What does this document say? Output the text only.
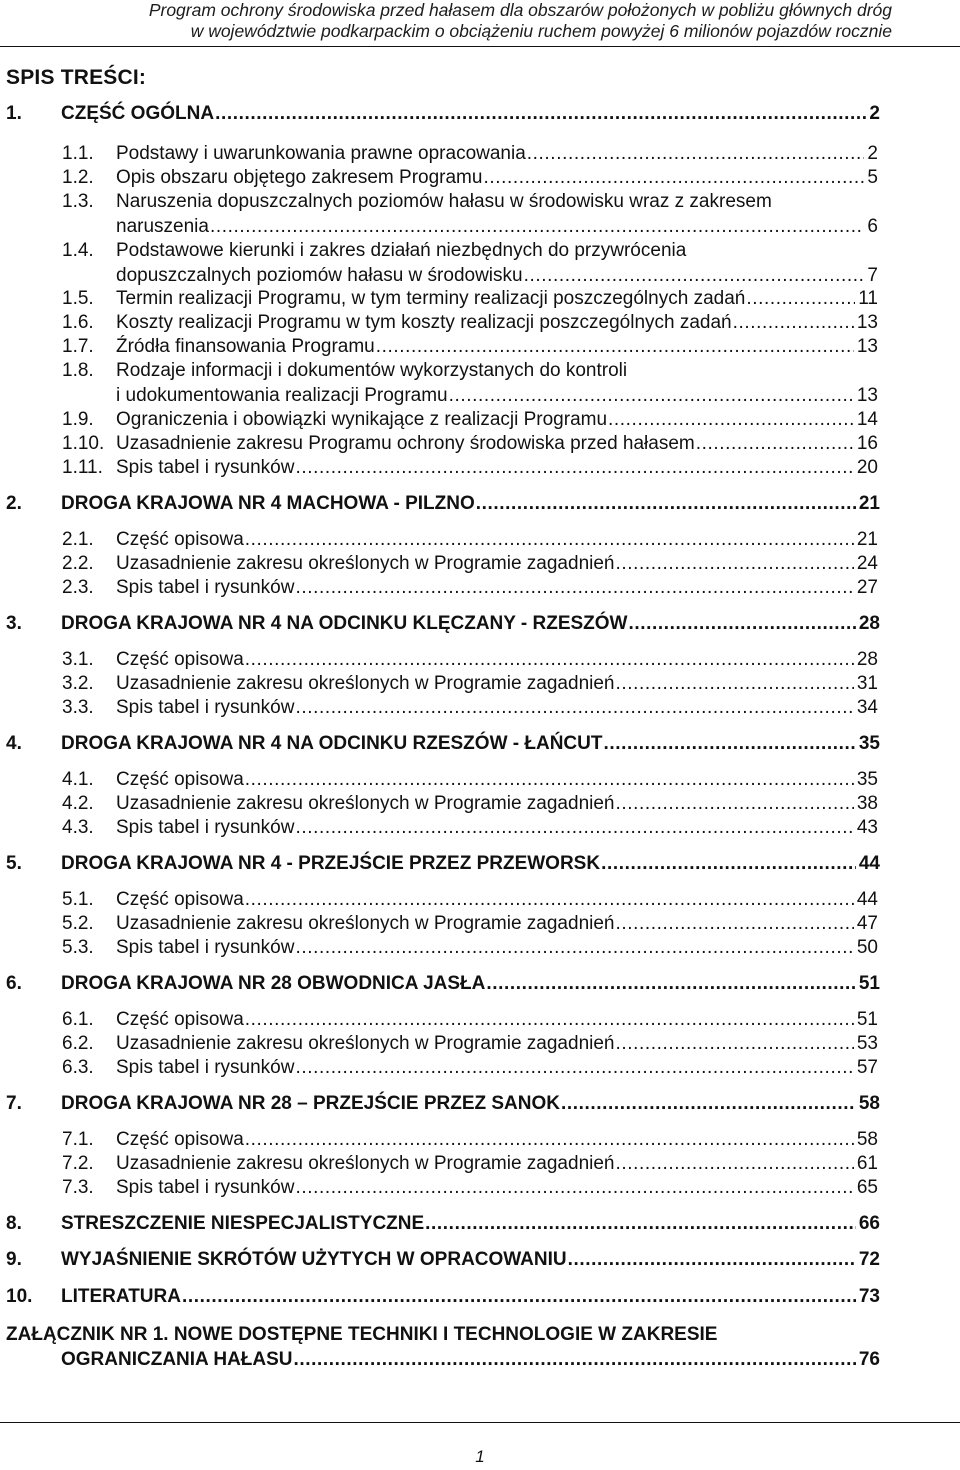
Program ochrony środowiska przed hałasem dla obszarów położonych w pobliżu głównych dróg
w województwie podkarpackim o obciążeniu ruchem powyżej 6 milionów pojazdów rocznie
SPIS TREŚCI:
1. CZĘŚĆ OGÓLNA .....	2
1.1. Podstawy i uwarunkowania prawne opracowania .....	2
1.2. Opis obszaru objętego zakresem Programu .....	5
1.3. Naruszenia dopuszczalnych poziomów hałasu w środowisku wraz z zakresem
naruszenia .....	6
1.4. Podstawowe kierunki i zakres działań niezbędnych do przywrócenia
dopuszczalnych poziomów hałasu w środowisku .....	7
1.5. Termin realizacji Programu, w tym terminy realizacji poszczególnych zadań .....	11
1.6. Koszty realizacji Programu w tym koszty realizacji poszczególnych zadań .....	13
1.7. Źródła finansowania Programu .....	13
1.8. Rodzaje informacji i dokumentów wykorzystanych do kontroli
i udokumentowania realizacji Programu .....	13
1.9. Ograniczenia i obowiązki wynikające z realizacji Programu .....	14
1.10. Uzasadnienie zakresu Programu ochrony środowiska przed hałasem .....	16
1.11. Spis tabel i rysunków .....	20
2. DROGA KRAJOWA NR 4 MACHOWA - PILZNO .....	21
2.1. Część opisowa .....	21
2.2. Uzasadnienie zakresu określonych w Programie zagadnień .....	24
2.3. Spis tabel i rysunków .....	27
3. DROGA KRAJOWA NR 4 NA ODCINKU KLĘCZANY - RZESZÓW .....	28
3.1. Część opisowa .....	28
3.2. Uzasadnienie zakresu określonych w Programie zagadnień .....	31
3.3. Spis tabel i rysunków .....	34
4. DROGA KRAJOWA NR 4 NA ODCINKU RZESZÓW - ŁAŃCUT .....	35
4.1. Część opisowa .....	35
4.2. Uzasadnienie zakresu określonych w Programie zagadnień .....	38
4.3. Spis tabel i rysunków .....	43
5. DROGA KRAJOWA NR 4 - PRZEJŚCIE PRZEZ PRZEWORSK .....	44
5.1. Część opisowa .....	44
5.2. Uzasadnienie zakresu określonych w Programie zagadnień .....	47
5.3. Spis tabel i rysunków .....	50
6. DROGA KRAJOWA NR 28 OBWODNICA JASŁA .....	51
6.1. Część opisowa .....	51
6.2. Uzasadnienie zakresu określonych w Programie zagadnień .....	53
6.3. Spis tabel i rysunków .....	57
7. DROGA KRAJOWA NR 28 – PRZEJŚCIE PRZEZ SANOK .....	58
7.1. Część opisowa .....	58
7.2. Uzasadnienie zakresu określonych w Programie zagadnień .....	61
7.3. Spis tabel i rysunków .....	65
8. STRESZCZENIE NIESPECJALISTYCZNE .....	66
9. WYJAŚNIENIE SKRÓTÓW UŻYTYCH W OPRACOWANIU .....	72
10. LITERATURA .....	73
ZAŁĄCZNIK NR 1. NOWE DOSTĘPNE TECHNIKI I TECHNOLOGIE W ZAKRESIE
OGRANICZANIA HAŁASU .....	76
1
